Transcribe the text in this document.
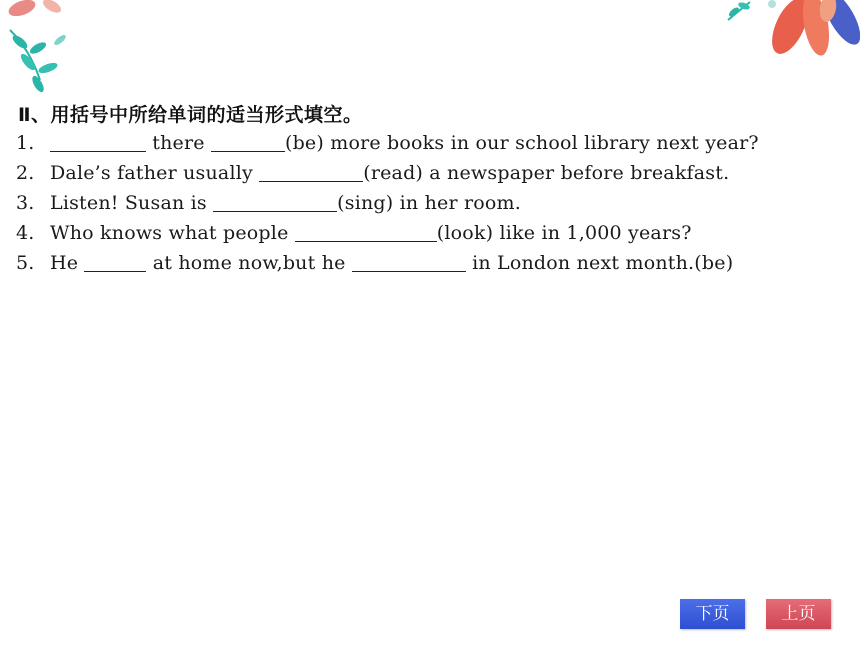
Ⅱ、用括号中所给单词的适当形式填空。
1.	there	(be) more books in our school library next year?
2. Dale’s father usually	(read) a newspaper before breakfast.
3. Listen! Susan is	(sing) in her room.
4. Who knows what people	(look) like in 1,000 years?
5. He	at home now,but he	in London next month.(be)
下页	上页
